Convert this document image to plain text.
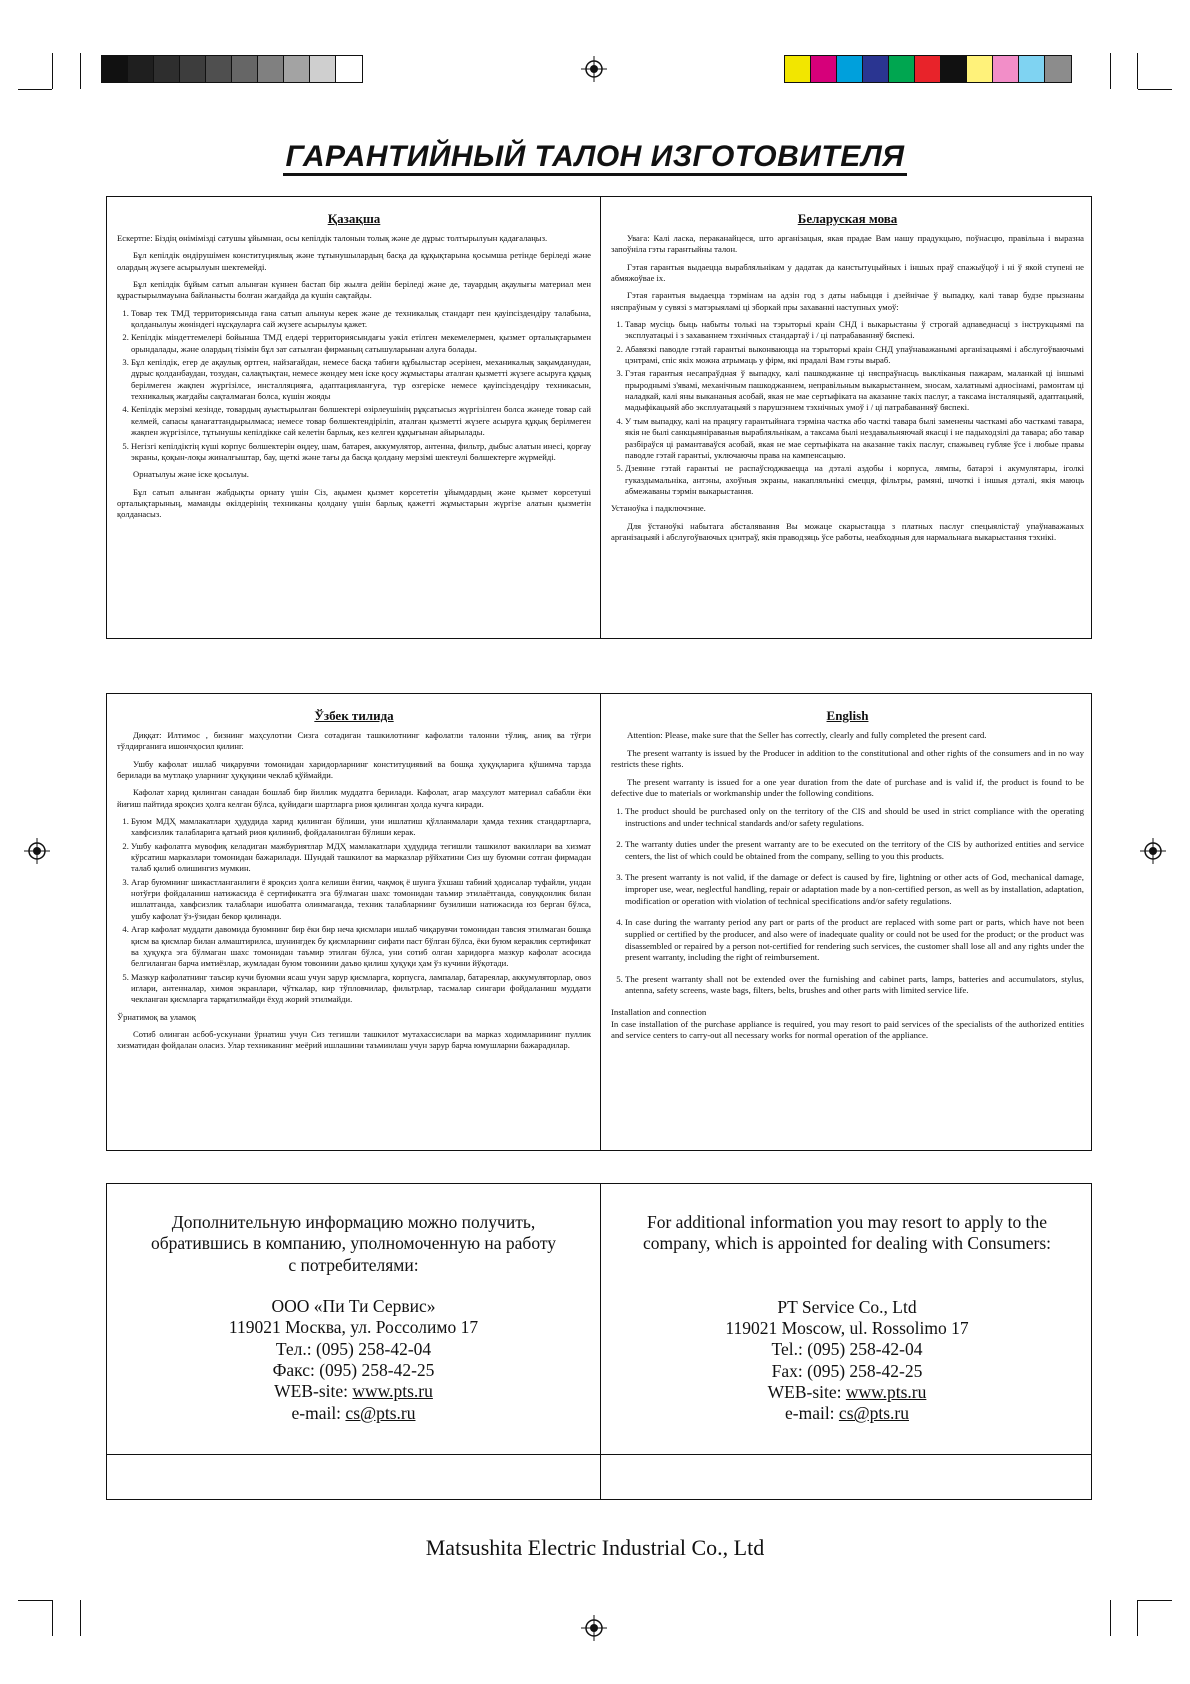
ГАРАНТИЙНЫЙ ТАЛОН ИЗГОТОВИТЕЛЯ
Қазақша

Ескертпе: Біздің өнімімізді сатушы ұйымнан, осы кепілдік талонын толық және де дұрыс толтырылуын қадағалаңыз.

Бұл кепілдік өндірушімен конституциялық және тұтынушылардың басқа да құқықтарына қосымша ретінде беріледі және олардың жүзеге асырылуын шектемейді.

Бұл кепілдік бұйым сатып алынған күннен бастап бір жылға дейін беріледі және де, тауардың ақаулығы материал мен құрастырылмауына байланысты болған жағдайда да күшін сақтайды.

1. Товар тек ТМД территориясында ғана сатып алынуы керек және де техникалық стандарт пен қауіпсіздендіру талабына, қолданылуы жөніндегі нұсқауларға сай жүзеге асырылуы қажет.
2. Кепілдік міндеттемелері бойынша ТМД елдері территориясындағы уәкіл етілген мекемелермен, қызмет орталықтарымен орындалады, және олардың тізімін бұл зат сатылған фирманың сатышуларынан алуға болады.
3. Бұл кепілдік, егер де ақаулық өртген, найзағайдан, немесе басқа табиғи құбылыстар әсерінен, механикалық зақымданудан, дұрыс қолданбаудан, тозудан, салақтықтан, немесе жөндеу мен іске қосу жұмыстары аталған қызметті жүзеге асыруға құқық берілмеген жақпен жүргізілсе, инсталляцияға, адаптацияланғуға, түр өзгерiске немесе қауіпсіздендіру техникасын, техникалық жағдайы сақталмаған болса, күшін жояды
4. Кепілдік мерзімі кезінде, товардың ауыстырылған бөлшектері өзірлеушінің рұқсатысыз жүргізілген болса жәнеде товар сай келмей, сапасы қанағаттандырылмаса; немесе товар бөлшектендіріліп, аталған қызметті жүзеге асыруға құқық берілмеген жақпен жүргізілсе, тұтынушы кепілдікке сай келетін барлық, кез келген құқығынан айырылады.
5. Негізгі кепілдіктің күші корпус бөлшектерін өңдеу, шам, батарея, аккумулятор, антенна, фильтр, дыбыс алатын инесі, қорғау экраны, қоқын-лоқы жиналғыштар, бау, щеткі және тағы да басқа қолдану мерзімі шектеулі бөлшектерге жүрмейді.

Орнатылуы және іске қосылуы.

Бұл сатып алынған жабдықты орнату үшін Сіз, ақымен қызмет көрсететін ұйымдардың және қызмет көрсетуші орталықтарының, маманды өкілдерінің техниканы қолдану үшін барлық қажетті жұмыстарын жүргізе алатын қызметін қолданасыз.

Беларуская мова

Увага: Калі ласка, пераканайцеся, што арганізацыя, якая прадае Вам нашу прадукцыю, поўнасцю, правільна і выразна запоўніла гэты гарантыйны талон.

Гэтая гарантыя выдаецца вырабляльнікам у дадатак да канстытуцыйных і іншых праў спажыўцоў і ні ў якой ступені не абмяжоўвае іх.

Гэтая гарантыя выдаецца тэрмінам на адзін год з даты набыцця і дзейнічае ў выпадку, калі тавар будзе прызнаны няспраўным у сувязі з матэрыяламі ці зборкай пры захаванні наступных умоў:

1. Тавар мусіць быць набыты толькі на тэрыторыі краін СНД і выкарыстаны ў строгай адпаведнасці з інструкцыямі па эксплуатацыі і з захаваннем тэхнічных стандартаў і / ці патрабаванняў бяспекі.
2. Абавязкі паводле гэтай гарантыі выконваюцца на тэрыторыі краін СНД упаўнаважанымі арганізацыямі і абслугоўваючымі цэнтрамі, спіс якіх можна атрымаць у фірм, які прадалі Вам гэты выраб.
3. Гэтая гарантыя несапраўдная ў выпадку, калі пашкоджанне ці няспраўнасць выкліканыя пажарам, маланкай ці іншымі прыроднымі з'явамі, механічным пашкоджаннем, неправільным выкарыстаннем, зносам, халатнымі адносінамі, рамонтам ці наладкай, калі яны выкананыя асобай, якая не мае сертыфіката на аказанне такіх паслуг, а таксама інсталяцыяй, адаптацыяй, мадыфікацыяй або эксплуатацыяй з парушэннем тэхнічных умоў і / ці патрабаванняў бяспекі.
4. У тым выпадку, калі на працягу гарантыйнага тэрміна частка або часткі тавара былі заменены часткамі або часткамі тавара, якія не былі санкцыянiраваныя вырабляльнікам, а таксама былі нездавальняючай якасці і не падыходзілі да тавара; або тавар разбіраўся ці рамантаваўся асобай, якая не мае сертыфіката на аказанне такіх паслуг, спажывец губляе ўсе і любые правы паводле гэтай гарантыі, уключаючы права на кампенсацыю.
5. Дзеянне гэтай гарантыі не распаўсюджваецца на дэталі аздобы і корпуса, лямпы, батарэі і акумулятары, іголкі гуказдымальніка, антэны, ахоўныя экраны, накапляльнікі смецця, фільтры, рамяні, шчоткі і іншыя дэталі, якія маюць абмежаваны тэрмін выкарыстання.

Устаноўка і падключэнне.

Для ўстаноўкі набытага абсталявання Вы можаце скарыстацца з платных паслуг спецыялістаў упаўнаважаных арганізацыяй і абслугоўваючых цэнтраў, якія праводзяць ўсе работы, неабходныя для нармальнага выкарыстання тэхнікі.

Ўзбек тилида

Диққат: Илтимос , бизнинг маҳсулотни Сизга сотадиган ташкилотнинг кафолатли талонни тўлиқ, аниқ ва тўғри тўлдирганига ишончҳосил қилинг.

Ушбу кафолат ишлаб чиқарувчи томонидан харидорларнинг конституциявий ва бошқа ҳуқуқларига қўшимча тарзда берилади ва мутлақо уларнинг ҳуқуқини чеклаб қўймайди.

Кафолат харид қилинган санадан бошлаб бир йиллик муддатга берилади. Кафолат, агар маҳсулот материал сабабли ёки йиғиш пайтида яроқсиз ҳолга келган бўлса, қуйидаги шартларга риоя қилинган ҳолда кучга киради.

1. Буюм МДҲ мамлакатлари ҳудудида харид қилинган бўлиши, уни ишлатиш қўлланмалари ҳамда техник стандартларга, хавфсизлик талабларига қатъий риоя қилиниб, фойдаланилган бўлиши керак.
2. Ушбу кафолатга мувофиқ келадиган мажбуриятлар МДҲ мамлакатлари ҳудудида тегишли ташкилот вакиллари ва хизмат кўрсатиш марказлари томонидан бажарилади. Шундай ташкилот ва марказлар рўйхатини Сиз шу буюмни сотган фирмадан талаб қилиб олишингиз мумкин.
3. Агар буюмнинг шикастланганлиги ё яроқсиз ҳолга келиши ёнғин, чақмоқ ё шунга ўхшаш табиий ҳодисалар туфайли, ундан нотўғри фойдаланиш натижасида ё сертификатга эга бўлмаган шахс томонидан таъмир этилаётганда, совуққонлик билан ишлатганда, хавфсизлик талаблари ишобатга олинмаганда, техник талабларнинг бузилиши натижасида юз берган бўлса, ушбу кафолат ўз-ўзидан бекор қилинади.
4. Агар кафолат муддати давомида буюмнинг бир ёки бир неча қисмлари ишлаб чиқарувчи томонидан тавсия этилмаган бошқа қисм ва қисмлар билан алмаштирилса, шунингдек бу қисмларнинг сифати паст бўлган бўлса, ёки буюм кераклик сертификат ва ҳуқуқга эга бўлмаган шахс томонидан таъмир этилган бўлса, уни сотиб олган харидорга мазкур кафолат асосида белгиланган барча имтиёзлар, жумладан буюм товонини даъво қилиш ҳуқуқи ҳам ўз кучини йўқотади.
5. Мазкур кафолатнинг таъсир кучи буюмни ясаш учун зарур қисмларга, корпусга, лампалар, батареялар, аккумуляторлар, овоз иглари, антенналар, химоя экранлари, чўткалар, кир тўпловчилар, фильтрлар, тасмалар сингари фойдаланиш муддати чекланган қисмларга тарқатилмайди ёхуд жорий этилмайди.

Ўрнатимоқ ва уламоқ

Сотиб олинган асбоб-ускунани ўрнатиш учун Сиз тегишли ташкилот мутахассислари ва марказ ходимларининг пуллик хизматидан фойдалан оласиз. Улар техниканинг меёрий ишлашини таъминлаш учун зарур барча юмушларни бажарадилар.

English

Attention: Please, make sure that the Seller has correctly, clearly and fully completed the present card.

The present warranty is issued by the Producer in addition to the constitutional and other rights of the consumers and in no way restricts these rights.

The present warranty is issued for a one year duration from the date of purchase and is valid if, the product is found to be defective due to materials or workmanship under the following conditions.

1. The product should be purchased only on the territory of the CIS and should be used in strict compliance with the operating instructions and under technical standards and/or safety regulations.
2. The warranty duties under the present warranty are to be executed on the territory of the CIS by authorized entities and service centers, the list of which could be obtained from the company, selling to you this products.
3. The present warranty is not valid, if the damage or defect is caused by fire, lightning or other acts of God, mechanical damage, improper use, wear, neglectful handling, repair or adaptation made by a non-certified person, as well as by installation, adaptation, modification or operation with violation of technical specifications and/or safety regulations.
4. In case during the warranty period any part or parts of the product are replaced with some part or parts, which have not been supplied or certified by the producer, and also were of inadequate quality or could not be used for the product; or the product was disassembled or repaired by a person not-certified for rendering such services, the customer shall lose all and any rights under the present warranty, including the right of reimbursement.
5. The present warranty shall not be extended over the furnishing and cabinet parts, lamps, batteries and accumulators, stylus, antenna, safety screens, waste bags, filters, belts, brushes and other parts with limited service life.

Installation and connection

In case installation of the purchase appliance is required, you may resort to paid services of the specialists of the authorized entities and service centers to carry-out all necessary works for normal operation of the appliance.

Дополнительную информацию можно получить,
обратившись в компанию, уполномоченную на работу
с потребителями:
ООО «Пи Ти Сервис»
119021 Москва, ул. Россолимо 17
Тел.: (095) 258-42-04
Факс: (095) 258-42-25
WEB-site: www.pts.ru
e-mail: cs@pts.ru
For additional information you may resort to apply to the
company, which is appointed for dealing with Consumers:
PT Service Co., Ltd
119021 Moscow, ul. Rossolimo 17
Tel.: (095) 258-42-04
Fax: (095) 258-42-25
WEB-site: www.pts.ru
e-mail: cs@pts.ru
Matsushita Electric Industrial Co., Ltd
